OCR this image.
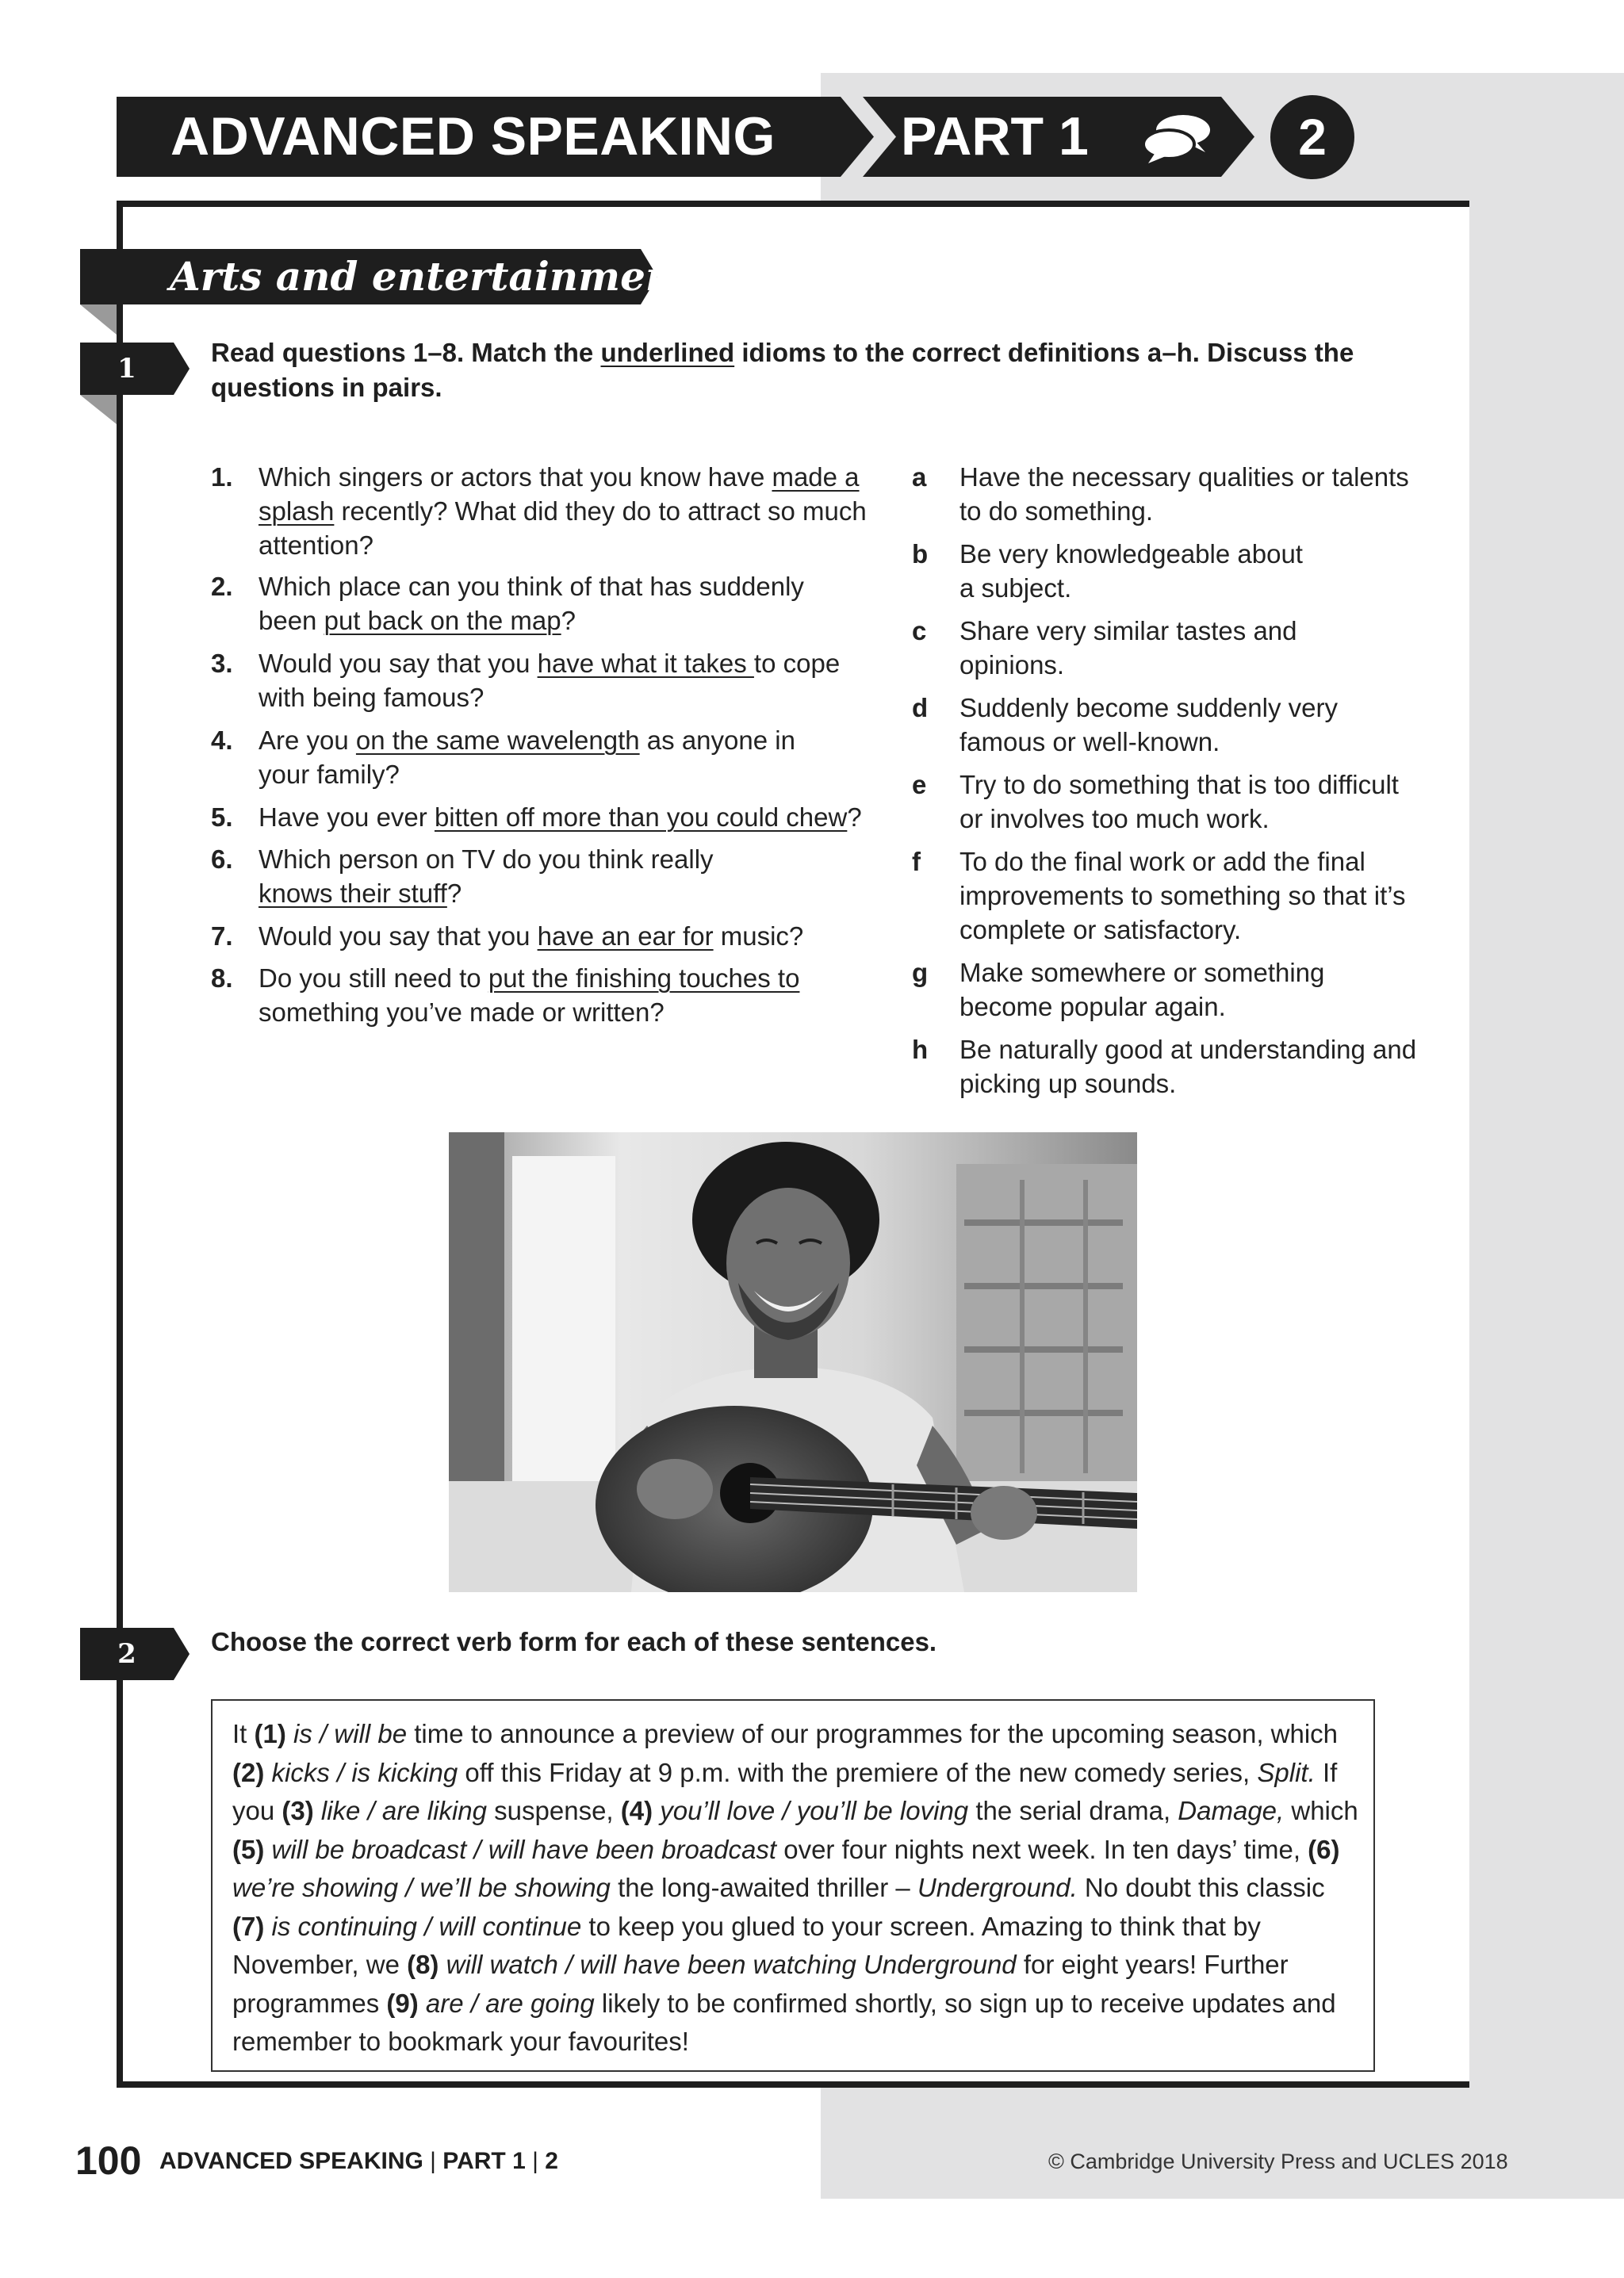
ADVANCED SPEAKING PART 1	2
Arts and entertainment
1
Read questions 1–8. Match the underlined idioms to the correct definitions a–h. Discuss the questions in pairs.
1. Which singers or actors that you know have made a splash recently? What did they do to attract so much attention?
2. Which place can you think of that has suddenly been put back on the map?
3. Would you say that you have what it takes to cope with being famous?
4. Are you on the same wavelength as anyone in your family?
5. Have you ever bitten off more than you could chew?
6. Which person on TV do you think really knows their stuff?
7. Would you say that you have an ear for music?
8. Do you still need to put the finishing touches to something you’ve made or written?
a Have the necessary qualities or talents to do something.
b Be very knowledgeable about a subject.
c Share very similar tastes and opinions.
d Suddenly become suddenly very famous or well-known.
e Try to do something that is too difficult or involves too much work.
f To do the final work or add the final improvements to something so that it’s complete or satisfactory.
g Make somewhere or something become popular again.
h Be naturally good at understanding and picking up sounds.
2	Choose the correct verb form for each of these sentences.
It (1) is / will be time to announce a preview of our programmes for the upcoming season, which (2) kicks / is kicking off this Friday at 9 p.m. with the premiere of the new comedy series, Split. If you (3) like / are liking suspense, (4) you’ll love / you’ll be loving the serial drama, Damage, which (5) will be broadcast / will have been broadcast over four nights next week. In ten days’ time, (6) we’re showing / we’ll be showing the long-awaited thriller – Underground. No doubt this classic (7) is continuing / will continue to keep you glued to your screen. Amazing to think that by November, we (8) will watch / will have been watching Underground for eight years! Further programmes (9) are / are going likely to be confirmed shortly, so sign up to receive updates and remember to bookmark your favourites!
100 ADVANCED SPEAKING | PART 1 | 2	© Cambridge University Press and UCLES 2018
